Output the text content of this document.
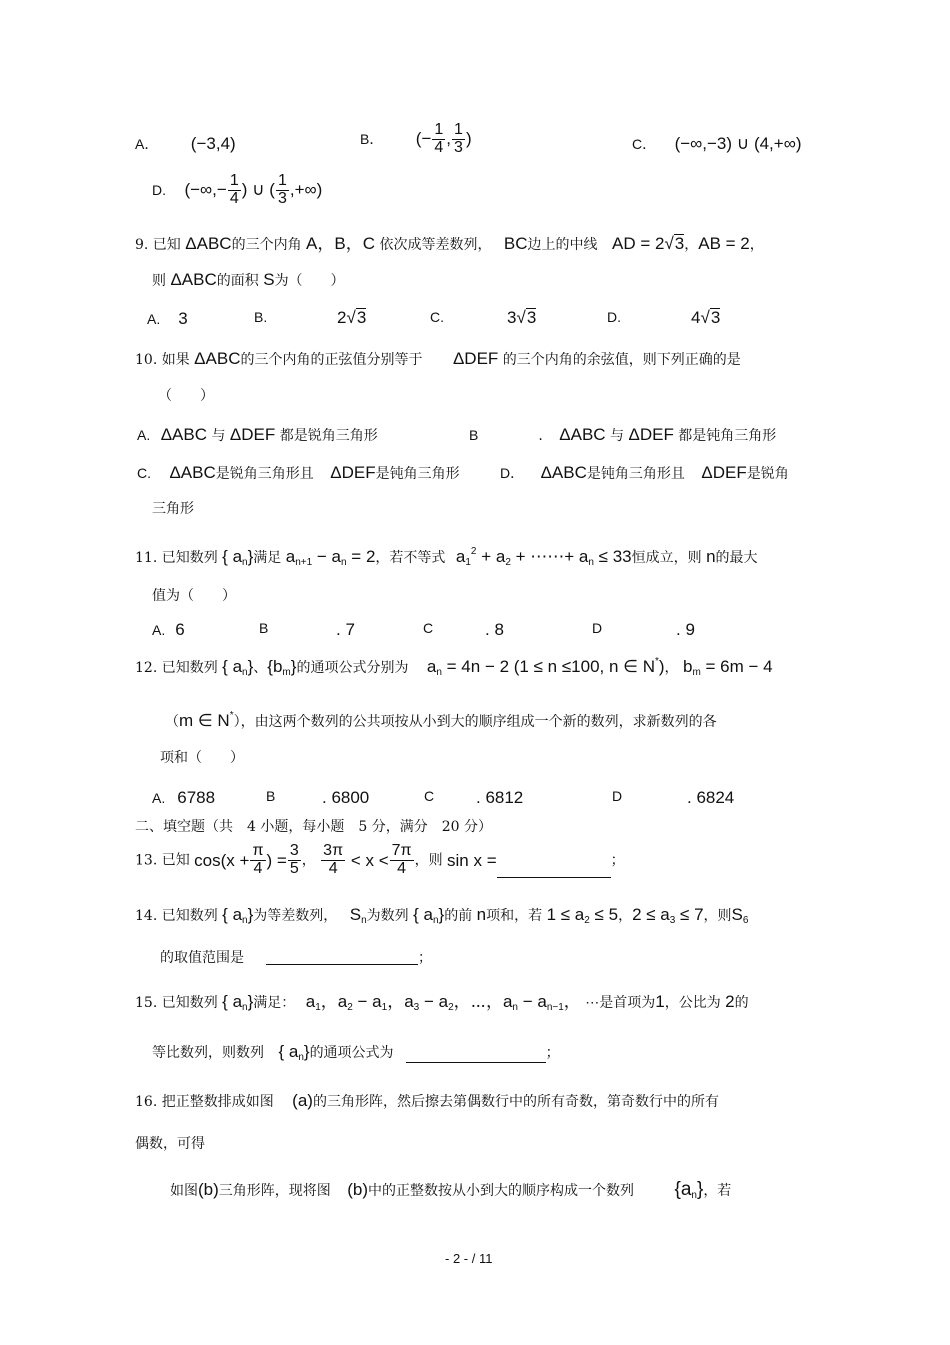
A． (−3,4)	B． (− $\frac{1}{4}$ , $\frac{1}{3}$ )	C． (−∞,−3) ∪ (4,+∞)
D. (−∞,− $\frac{1}{4}$ ) ∪ ( $\frac{1}{3}$ ,+∞)
9. 已知 ΔABC的三个内角 A，B，C 依次成等差数列， BC边上的中线 AD = 2√3，AB = 2，
则 ΔABC的面积 S为（　　）
A. 3	B.	2√3	C.	3√3	D.	4√3
10. 如果 ΔABC的三个内角的正弦值分别等于 ΔDEF 的三个内角的余弦值，则下列正确的是
（　　）
A. ΔABC 与 ΔDEF 都是锐角三角形	B	. ΔABC 与 ΔDEF 都是钝角三角形
C. ΔABC是锐角三角形且 ΔDEF是钝角三角形	D． ΔABC是钝角三角形且 ΔDEF是锐角
三角形
11. 已知数列 { $a_n$}满足 $a_{n+1} - a_n = 2$，若不等式 $a_1^2 + a_2$ + ⋯⋯+ $a_n \le 33$恒成立，则 n的最大
值为（　　）
A. 6	B	. 7	C	. 8	D	. 9
12. 已知数列 { $a_n$}、$\{b_m\}$的通项公式分别为 $a_n = 4n - 2$ (1 ≤ n ≤100, n ∈ N*)， $b_m = 6m - 4$
（m ∈ N*），由这两个数列的公共项按从小到大的顺序组成一个新的数列，求新数列的各
项和（　　）
A. 6788	B	. 6800	C . 6812	D	. 6824
二、填空题（共　4 小题，每小题　5 分，满分　20 分）
13. 已知 $\cos(x + \frac{\pi}{4}$ ) = $\frac{3}{5}$ ， $\frac{3\pi}{4} < x < \frac{7\pi}{4}$ ，则 sin x =	；
14. 已知数列 { $a_n$}为等差数列， $S_n$为数列 { $a_n$}的前 n项和，若 $1 \le a_2 \le 5$，$2 \le a_3 \le 7$，则$S_6$
的取值范围是	；
15. 已知数列 { $a_n$}满足： $a_1$，$a_2 - a_1$，$a_3 - a_2$，⋯，$a_n - a_{n-1}$， ⋯是首项为1，公比为 2的
等比数列，则数列 { $a_n$}的通项公式为	；
16. 把正整数排成如图 (a)的三角形阵，然后擦去第偶数行中的所有奇数，第奇数行中的所有
偶数，可得
如图(b)三角形阵，现将图 (b)中的正整数按从小到大的顺序构成一个数列 $\{a_n\}$，若
- 2 - / 11
